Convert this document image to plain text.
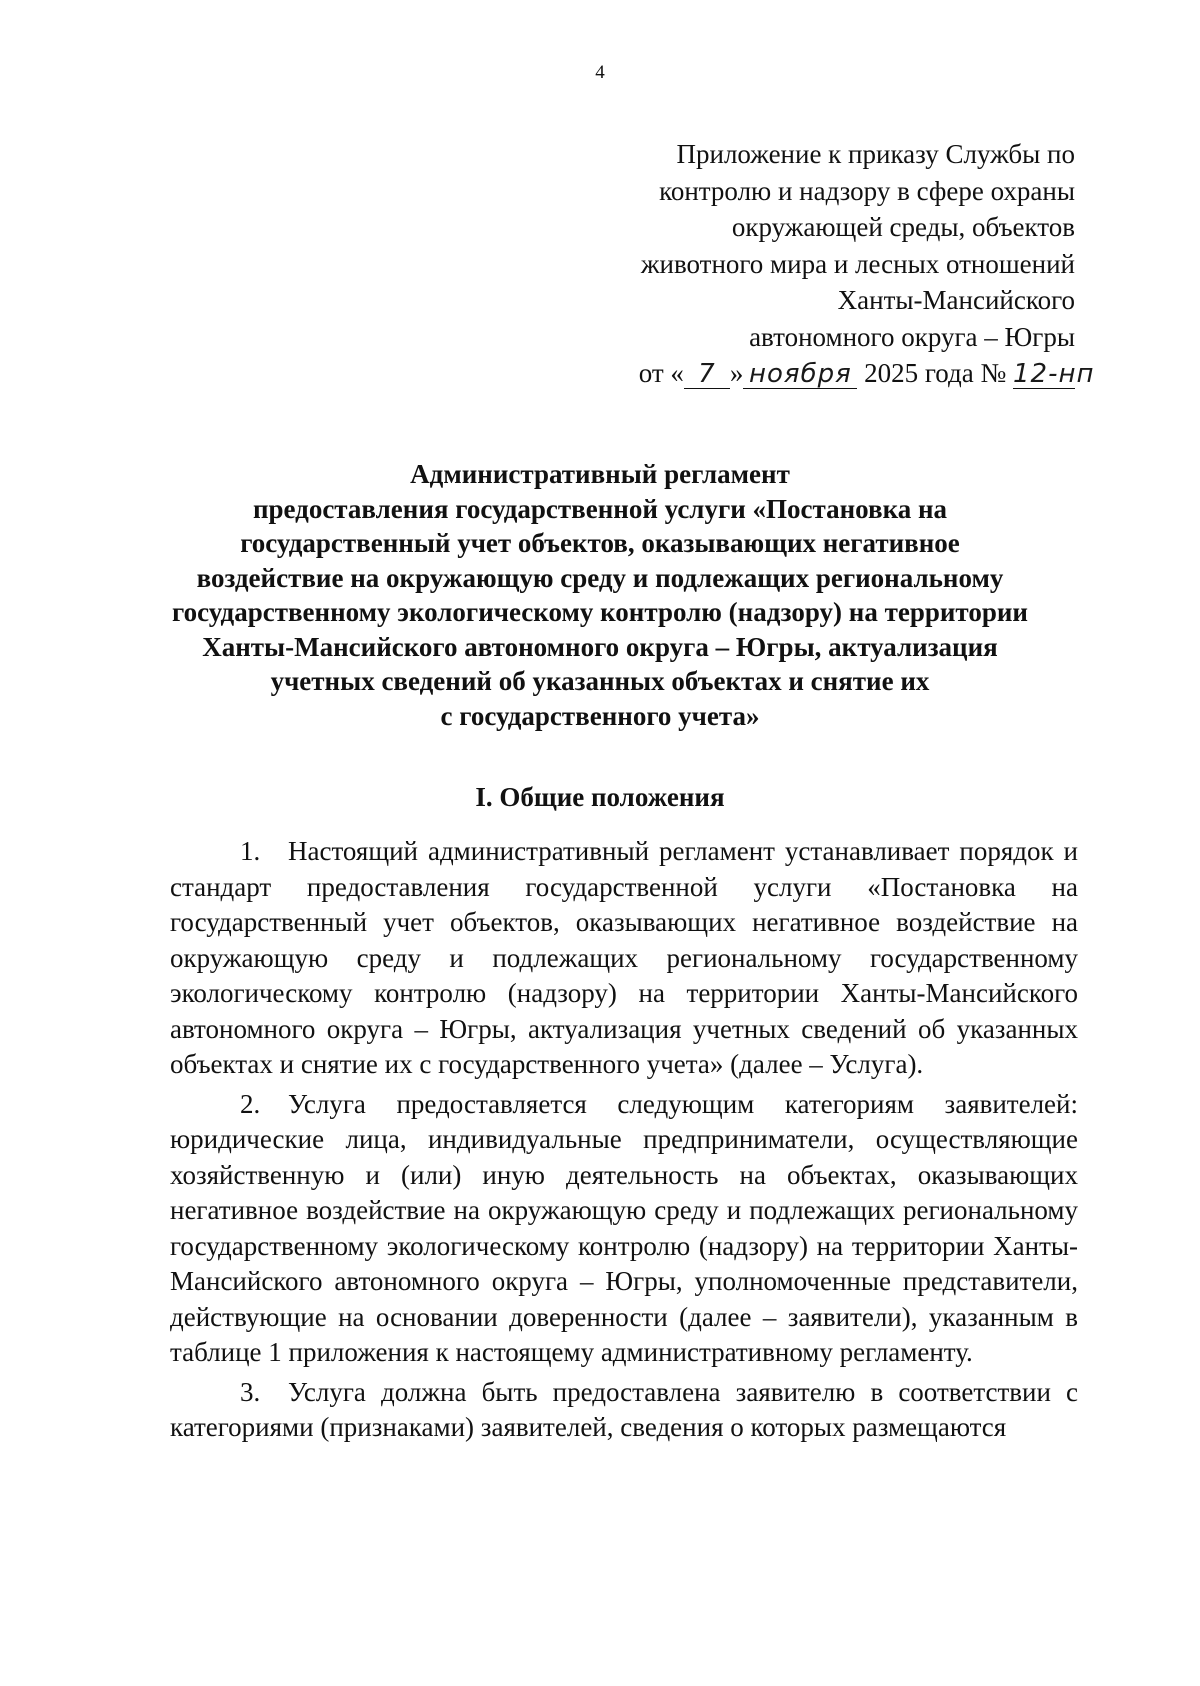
4
Приложение к приказу Службы по
контролю и надзору в сфере охраны
окружающей среды, объектов
животного мира и лесных отношений
Ханты-Мансийского
автономного округа – Югры
от « 7 » ноября 2025 года № 12-нп
Административный регламент
предоставления государственной услуги «Постановка на
государственный учет объектов, оказывающих негативное
воздействие на окружающую среду и подлежащих региональному
государственному экологическому контролю (надзору) на территории
Ханты-Мансийского автономного округа – Югры, актуализация
учетных сведений об указанных объектах и снятие их
с государственного учета»
I. Общие положения

1. Настоящий административный регламент устанавливает порядок и стандарт предоставления государственной услуги «Постановка на государственный учет объектов, оказывающих негативное воздействие на окружающую среду и подлежащих региональному государственному экологическому контролю (надзору) на территории Ханты-Мансийского автономного округа – Югры, актуализация учетных сведений об указанных объектах и снятие их с государственного учета» (далее – Услуга).

2. Услуга предоставляется следующим категориям заявителей: юридические лица, индивидуальные предприниматели, осуществляющие хозяйственную и (или) иную деятельность на объектах, оказывающих негативное воздействие на окружающую среду и подлежащих региональному государственному экологическому контролю (надзору) на территории Ханты-Мансийского автономного округа – Югры, уполномоченные представители, действующие на основании доверенности (далее – заявители), указанным в таблице 1 приложения к настоящему административному регламенту.

3. Услуга должна быть предоставлена заявителю в соответствии с категориями (признаками) заявителей, сведения о которых размещаются
